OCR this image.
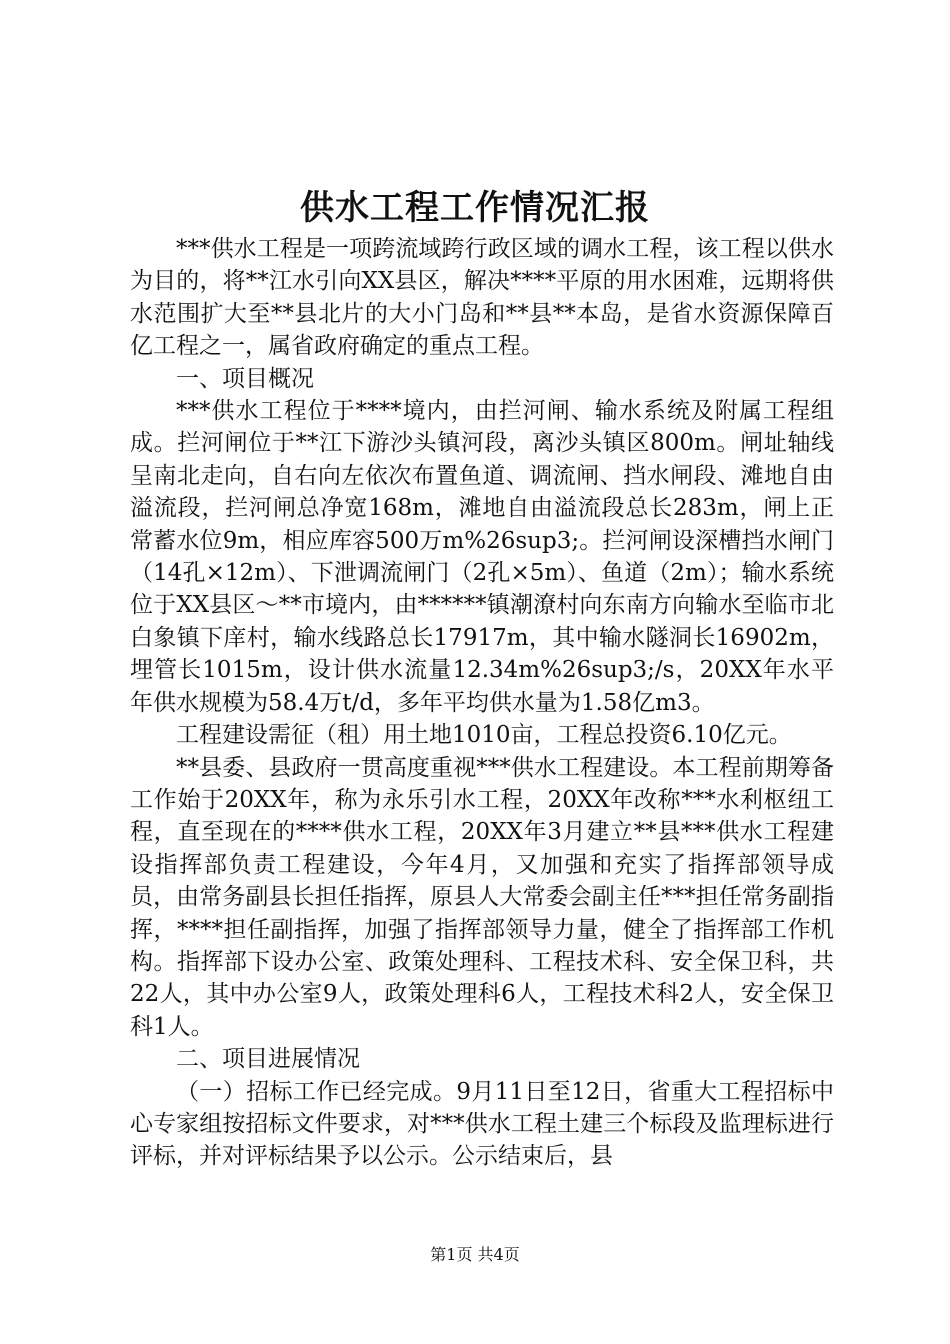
供水工程工作情况汇报

***供水工程是一项跨流域跨行政区域的调水工程，该工程以供水为目的，将**江水引向XX县区，解决****平原的用水困难，远期将供水范围扩大至**县北片的大小门岛和**县**本岛，是省水资源保障百亿工程之一，属省政府确定的重点工程。

一、项目概况

***供水工程位于****境内，由拦河闸、输水系统及附属工程组成。拦河闸位于**江下游沙头镇河段，离沙头镇区800m。闸址轴线呈南北走向，自右向左依次布置鱼道、调流闸、挡水闸段、滩地自由溢流段，拦河闸总净宽168m，滩地自由溢流段总长283m，闸上正常蓄水位9m，相应库容500万m%26sup3;。拦河闸设深槽挡水闸门（14孔×12m）、下泄调流闸门（2孔×5m）、鱼道（2m）；输水系统位于XX县区～**市境内，由******镇潮潦村向东南方向输水至临市北白象镇下庠村，输水线路总长17917m，其中输水隧洞长16902m，埋管长1015m，设计供水流量12.34m%26sup3;/s，20XX年水平年供水规模为58.4万t/d，多年平均供水量为1.58亿m3。

工程建设需征（租）用土地1010亩，工程总投资6.10亿元。

**县委、县政府一贯高度重视***供水工程建设。本工程前期筹备工作始于20XX年，称为永乐引水工程，20XX年改称***水利枢纽工程，直至现在的****供水工程，20XX年3月建立**县***供水工程建设指挥部负责工程建设，今年4月，又加强和充实了指挥部领导成员，由常务副县长担任指挥，原县人大常委会副主任***担任常务副指挥，****担任副指挥，加强了指挥部领导力量，健全了指挥部工作机构。指挥部下设办公室、政策处理科、工程技术科、安全保卫科，共22人，其中办公室9人，政策处理科6人，工程技术科2人，安全保卫科1人。

二、项目进展情况

（一）招标工作已经完成。9月11日至12日，省重大工程招标中心专家组按招标文件要求，对***供水工程土建三个标段及监理标进行评标，并对评标结果予以公示。公示结束后，县

第1页 共4页
